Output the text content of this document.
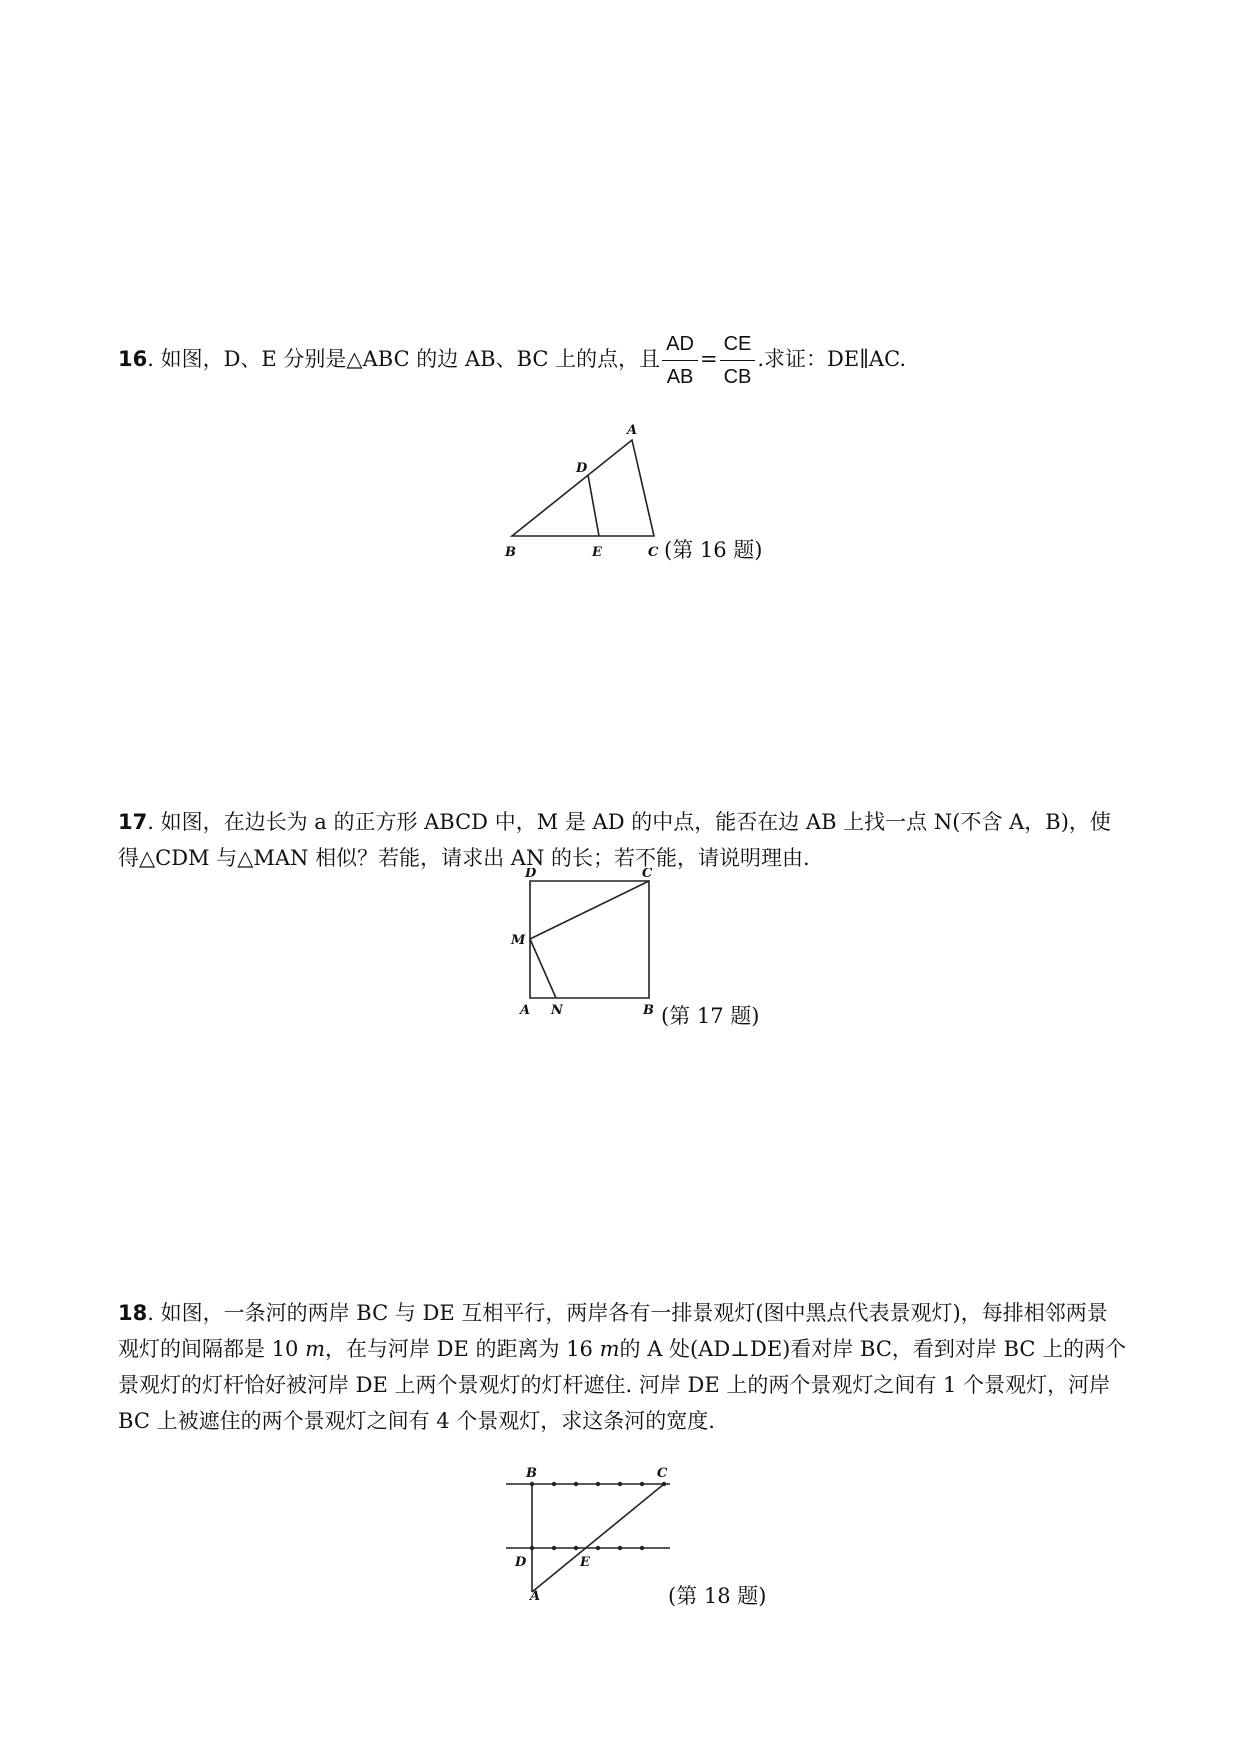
16. 如图，D、E 分别是△ABC 的边 AB、BC 上的点，且 $\frac{AD}{AB} = \frac{CE}{CB}$ .求证：DE∥AC.
A
D
B	E	C (第 16 题)
17. 如图，在边长为 a 的正方形 ABCD 中，M 是 AD 的中点，能否在边 AB 上找一点 N(不含 A，B)，使得△CDM 与△MAN 相似？若能，请求出 AN 的长；若不能，请说明理由.
D	C
M
A N	B (第 17 题)
18. 如图，一条河的两岸 BC 与 DE 互相平行，两岸各有一排景观灯(图中黑点代表景观灯)，每排相邻两景观灯的间隔都是 10 m，在与河岸 DE 的距离为 16 m的 A 处(AD⊥DE)看对岸 BC，看到对岸 BC 上的两个景观灯的灯杆恰好被河岸 DE 上两个景观灯的灯杆遮住. 河岸 DE 上的两个景观灯之间有 1 个景观灯，河岸 BC 上被遮住的两个景观灯之间有 4 个景观灯，求这条河的宽度.
B	C
D	E
A	(第 18 题)
